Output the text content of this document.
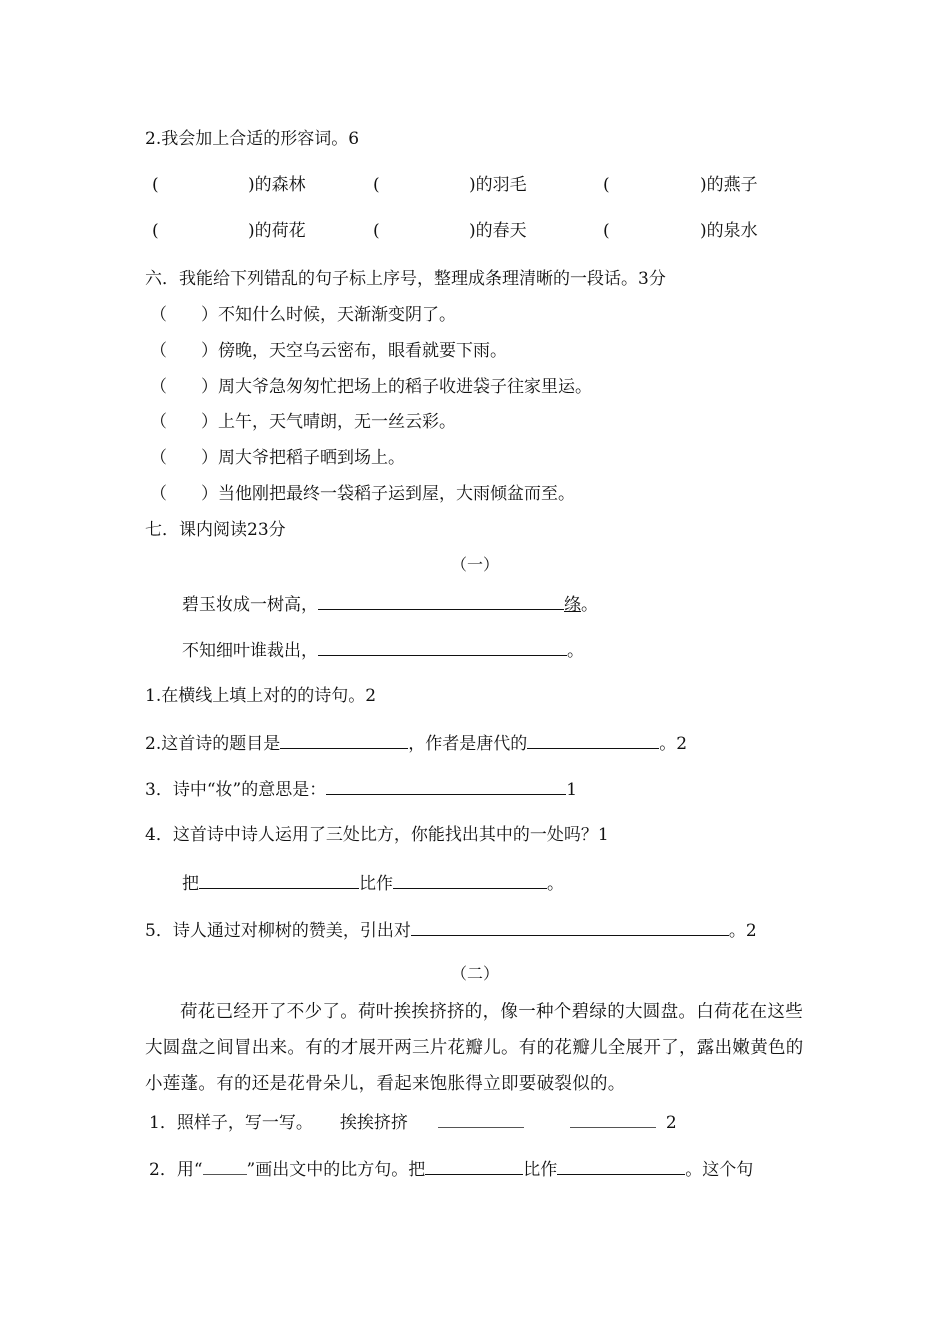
2.我会加上合适的形容词。6
(	)的森林	(	)的羽毛	(	)的燕子
(	)的荷花	(	)的春天	(	)的泉水
六．我能给下列错乱的句子标上序号，整理成条理清晰的一段话。3分
（　　）不知什么时候，天渐渐变阴了。
（　　）傍晚，天空乌云密布，眼看就要下雨。
（　　）周大爷急匆匆忙把场上的稻子收进袋子往家里运。
（　　）上午，天气晴朗，无一丝云彩。
（　　）周大爷把稻子晒到场上。
（　　）当他刚把最终一袋稻子运到屋，大雨倾盆而至。
七．课内阅读23分
（一）
碧玉妆成一树高，	绦。
不知细叶谁裁出，	。
1.在横线上填上对的的诗句。2
2.这首诗的题目是	，作者是唐代的	。2
3．诗中“妆”的意思是：	1
4．这首诗中诗人运用了三处比方，你能找出其中的一处吗？1
把	比作	。
5．诗人通过对柳树的赞美，引出对	。2
（二）
荷花已经开了不少了。荷叶挨挨挤挤的，像一种个碧绿的大圆盘。白荷花在这些大圆盘之间冒出来。有的才展开两三片花瓣儿。有的花瓣儿全展开了，露出嫩黄色的小莲蓬。有的还是花骨朵儿，看起来饱胀得立即要破裂似的。
1．照样子，写一写。 挨挨挤挤	2
2．用“	”画出文中的比方句。把	比作	。这个句
